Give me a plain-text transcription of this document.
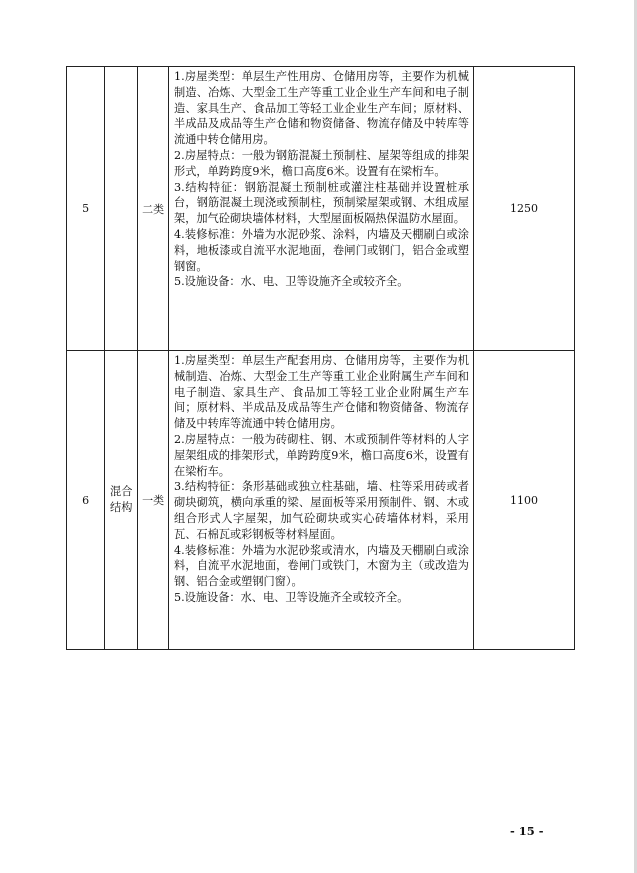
5		二类	1.房屋类型：单层生产性用房、仓储用房等，主要作为机械制造、冶炼、大型金工生产等重工业企业生产车间和电子制造、家具生产、食品加工等轻工业企业生产车间；原材料、半成品及成品等生产仓储和物资储备、物流存储及中转库等流通中转仓储用房。

2.房屋特点：一般为钢筋混凝土预制柱、屋架等组成的排架形式，单跨跨度9米，檐口高度6米。设置有在梁桁车。

3.结构特征：钢筋混凝土预制桩或灌注柱基础并设置桩承台，钢筋混凝土现浇或预制柱，预制梁屋架或钢、木组成屋架，加气砼砌块墙体材料，大型屋面板隔热保温防水屋面。

4.装修标准：外墙为水泥砂浆、涂料，内墙及天棚刷白或涂料，地板漆或自流平水泥地面，卷闸门或钢门，铝合金或塑钢窗。

5.设施设备：水、电、卫等设施齐全或较齐全。	1250
6	混合结构	一类	1.房屋类型：单层生产配套用房、仓储用房等，主要作为机械制造、冶炼、大型金工生产等重工业企业附属生产车间和电子制造、家具生产、食品加工等轻工业企业附属生产车间；原材料、半成品及成品等生产仓储和物资储备、物流存储及中转库等流通中转仓储用房。

2.房屋特点：一般为砖砌柱、钢、木或预制件等材料的人字屋架组成的排架形式，单跨跨度9米，檐口高度6米，设置有在梁桁车。

3.结构特征：条形基础或独立柱基础，墙、柱等采用砖或者砌块砌筑，横向承重的梁、屋面板等采用预制件、钢、木或组合形式人字屋架，加气砼砌块或实心砖墙体材料，采用瓦、石棉瓦或彩钢板等材料屋面。

4.装修标准：外墙为水泥砂浆或清水，内墙及天棚刷白或涂料，自流平水泥地面，卷闸门或铁门，木窗为主（或改造为钢、铝合金或塑钢门窗）。

5.设施设备：水、电、卫等设施齐全或较齐全。	1100
- 15 -
